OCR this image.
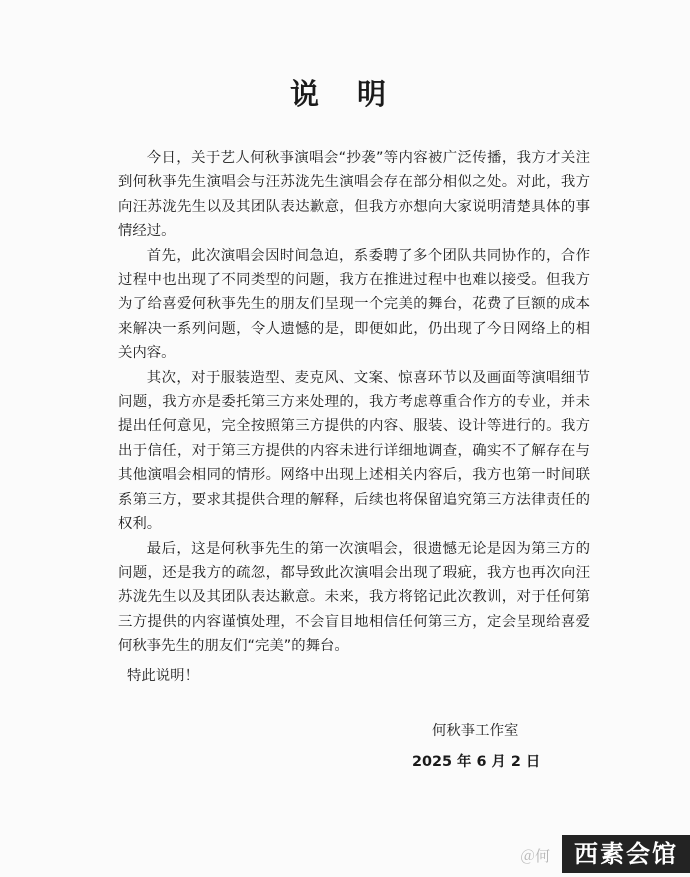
说 明

今日，关于艺人何秋亊演唱会“抄袭”等内容被广泛传播，我方才关注到何秋亊先生演唱会与汪苏泷先生演唱会存在部分相似之处。对此，我方向汪苏泷先生以及其团队表达歉意，但我方亦想向大家说明清楚具体的事情经过。

首先，此次演唱会因时间急迫，系委聘了多个团队共同协作的，合作过程中也出现了不同类型的问题，我方在推进过程中也难以接受。但我方为了给喜爱何秋亊先生的朋友们呈现一个完美的舞台，花费了巨额的成本来解决一系列问题，令人遗憾的是，即便如此，仍出现了今日网络上的相关内容。

其次，对于服装造型、麦克风、文案、惊喜环节以及画面等演唱细节问题，我方亦是委托第三方来处理的，我方考虑尊重合作方的专业，并未提出任何意见，完全按照第三方提供的内容、服装、设计等进行的。我方出于信任，对于第三方提供的内容未进行详细地调查，确实不了解存在与其他演唱会相同的情形。网络中出现上述相关内容后，我方也第一时间联系第三方，要求其提供合理的解释，后续也将保留追究第三方法律责任的权利。

最后，这是何秋亊先生的第一次演唱会，很遗憾无论是因为第三方的问题，还是我方的疏忽，都导致此次演唱会出现了瑕疵，我方也再次向汪苏泷先生以及其团队表达歉意。未来，我方将铭记此次教训，对于任何第三方提供的内容谨慎处理，不会盲目地相信任何第三方，定会呈现给喜爱何秋亊先生的朋友们“完美”的舞台。

特此说明！
何秋亊工作室
2025 年 6 月 2 日
＠何 西素会馆
